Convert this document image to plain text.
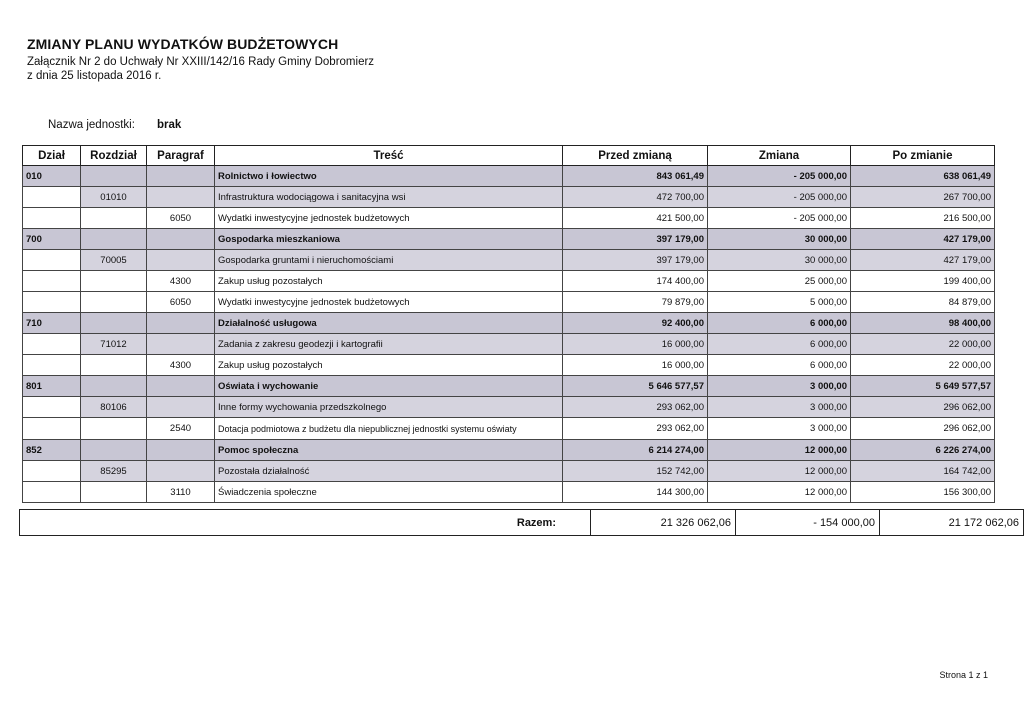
ZMIANY PLANU WYDATKÓW BUDŻETOWYCH
Załącznik Nr 2 do Uchwały Nr XXIII/142/16 Rady Gminy Dobromierz
z dnia 25 listopada 2016 r.
Nazwa jednostki: brak
Dział	Rozdział	Paragraf	Treść	Przed zmianą	Zmiana	Po zmianie
010			Rolnictwo i łowiectwo	843 061,49	- 205 000,00	638 061,49
	01010		Infrastruktura wodociągowa i sanitacyjna wsi	472 700,00	- 205 000,00	267 700,00
		6050	Wydatki inwestycyjne jednostek budżetowych	421 500,00	- 205 000,00	216 500,00
700			Gospodarka mieszkaniowa	397 179,00	30 000,00	427 179,00
	70005		Gospodarka gruntami i nieruchomościami	397 179,00	30 000,00	427 179,00
		4300	Zakup usług pozostałych	174 400,00	25 000,00	199 400,00
		6050	Wydatki inwestycyjne jednostek budżetowych	79 879,00	5 000,00	84 879,00
710			Działalność usługowa	92 400,00	6 000,00	98 400,00
	71012		Zadania z zakresu geodezji i kartografii	16 000,00	6 000,00	22 000,00
		4300	Zakup usług pozostałych	16 000,00	6 000,00	22 000,00
801			Oświata i wychowanie	5 646 577,57	3 000,00	5 649 577,57
	80106		Inne formy wychowania przedszkolnego	293 062,00	3 000,00	296 062,00
		2540	Dotacja podmiotowa z budżetu dla niepublicznej jednostki systemu oświaty	293 062,00	3 000,00	296 062,00
852			Pomoc społeczna	6 214 274,00	12 000,00	6 226 274,00
	85295		Pozostała działalność	152 742,00	12 000,00	164 742,00
		3110	Świadczenia społeczne	144 300,00	12 000,00	156 300,00
Razem:	21 326 062,06	- 154 000,00	21 172 062,06
Strona 1 z 1
